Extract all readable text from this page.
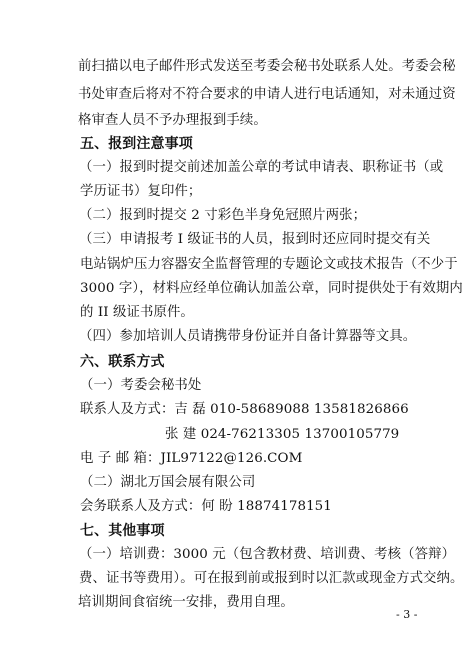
前扫描以电子邮件形式发送至考委会秘书处联系人处。考委会秘
书处审查后将对不符合要求的申请人进行电话通知，对未通过资
格审查人员不予办理报到手续。
五、报到注意事项
（一）报到时提交前述加盖公章的考试申请表、职称证书（或
学历证书）复印件；
（二）报到时提交 2 寸彩色半身免冠照片两张；
（三）申请报考 I 级证书的人员，报到时还应同时提交有关
电站锅炉压力容器安全监督管理的专题论文或技术报告（不少于
3000 字），材料应经单位确认加盖公章，同时提供处于有效期内
的 II 级证书原件。
（四）参加培训人员请携带身份证并自备计算器等文具。
六、联系方式
（一）考委会秘书处
联系人及方式：吉 磊 010-58689088 13581826866
张 建 024-76213305 13700105779
电 子 邮 箱：JIL97122@126.COM
（二）湖北万国会展有限公司
会务联系人及方式：何 盼 18874178151
七、其他事项
（一）培训费：3000 元（包含教材费、培训费、考核（答辩）
费、证书等费用）。可在报到前或报到时以汇款或现金方式交纳。
培训期间食宿统一安排，费用自理。
- 3 -
